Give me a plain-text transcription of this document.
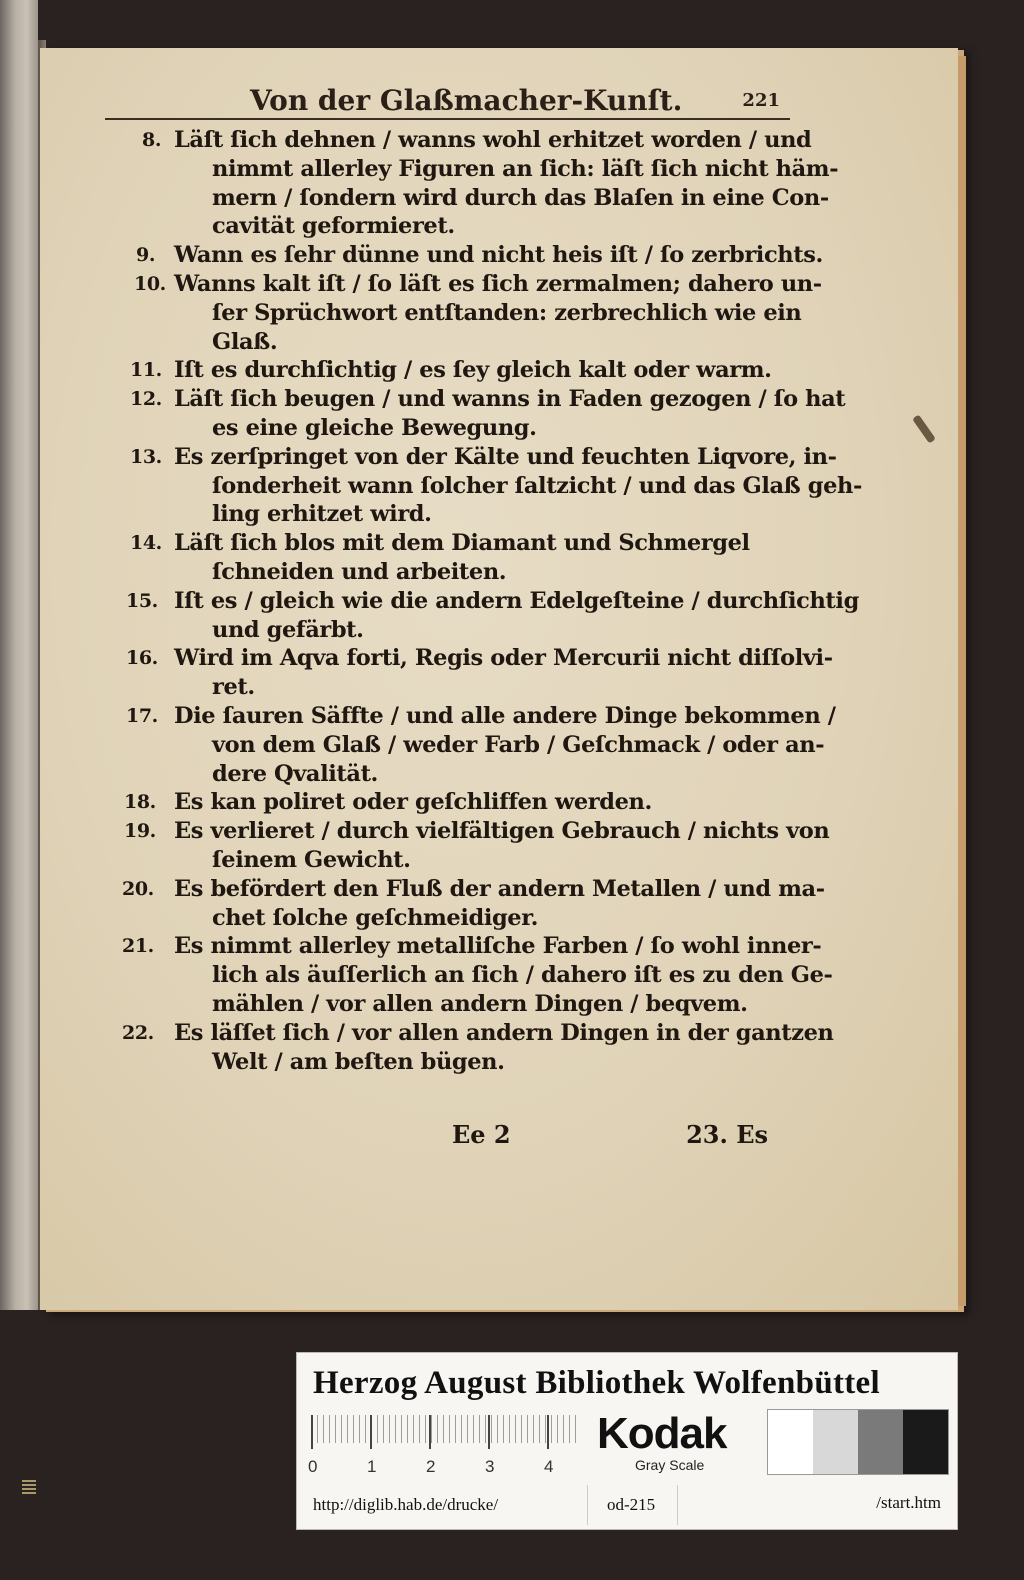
Von der Glaßmacher-Kunſt.	221
8. Läſt ſich dehnen / wanns wohl erhitzet worden / und
nimmt allerley Figuren an ſich: läſt ſich nicht häm-
mern / ſondern wird durch das Blaſen in eine Con-
cavität geformieret.
9. Wann es ſehr dünne und nicht heis iſt / ſo zerbrichts.
10. Wanns kalt iſt / ſo läſt es ſich zermalmen; dahero un-
ſer Sprüchwort entſtanden: zerbrechlich wie ein
Glaß.
11. Iſt es durchſichtig / es ſey gleich kalt oder warm.
12. Läſt ſich beugen / und wanns in Faden gezogen / ſo hat
es eine gleiche Bewegung.
13. Es zerſpringet von der Kälte und feuchten Liqvore, in-
ſonderheit wann ſolcher ſaltzicht / und das Glaß geh-
ling erhitzet wird.
14. Läſt ſich blos mit dem Diamant und Schmergel
ſchneiden und arbeiten.
15. Iſt es / gleich wie die andern Edelgeſteine / durchſichtig
und gefärbt.
16. Wird im Aqva forti, Regis oder Mercurii nicht diſſolvi-
ret.
17. Die ſauren Säffte / und alle andere Dinge bekommen /
von dem Glaß / weder Farb / Geſchmack / oder an-
dere Qvalität.
18. Es kan poliret oder geſchliffen werden.
19. Es verlieret / durch vielfältigen Gebrauch / nichts von
ſeinem Gewicht.
20. Es befördert den Fluß der andern Metallen / und ma-
chet ſolche geſchmeidiger.
21. Es nimmt allerley metalliſche Farben / ſo wohl inner-
lich als äuſſerlich an ſich / dahero iſt es zu den Ge-
mählen / vor allen andern Dingen / beqvem.
22. Es läſſet ſich / vor allen andern Dingen in der gantzen
Welt / am beſten bügen.
Ee 2	23. Es
Herzog August Bibliothek Wolfenbüttel
0	1	2	3	4
Kodak
Gray Scale
http://diglib.hab.de/drucke/	od-215	/start.htm
